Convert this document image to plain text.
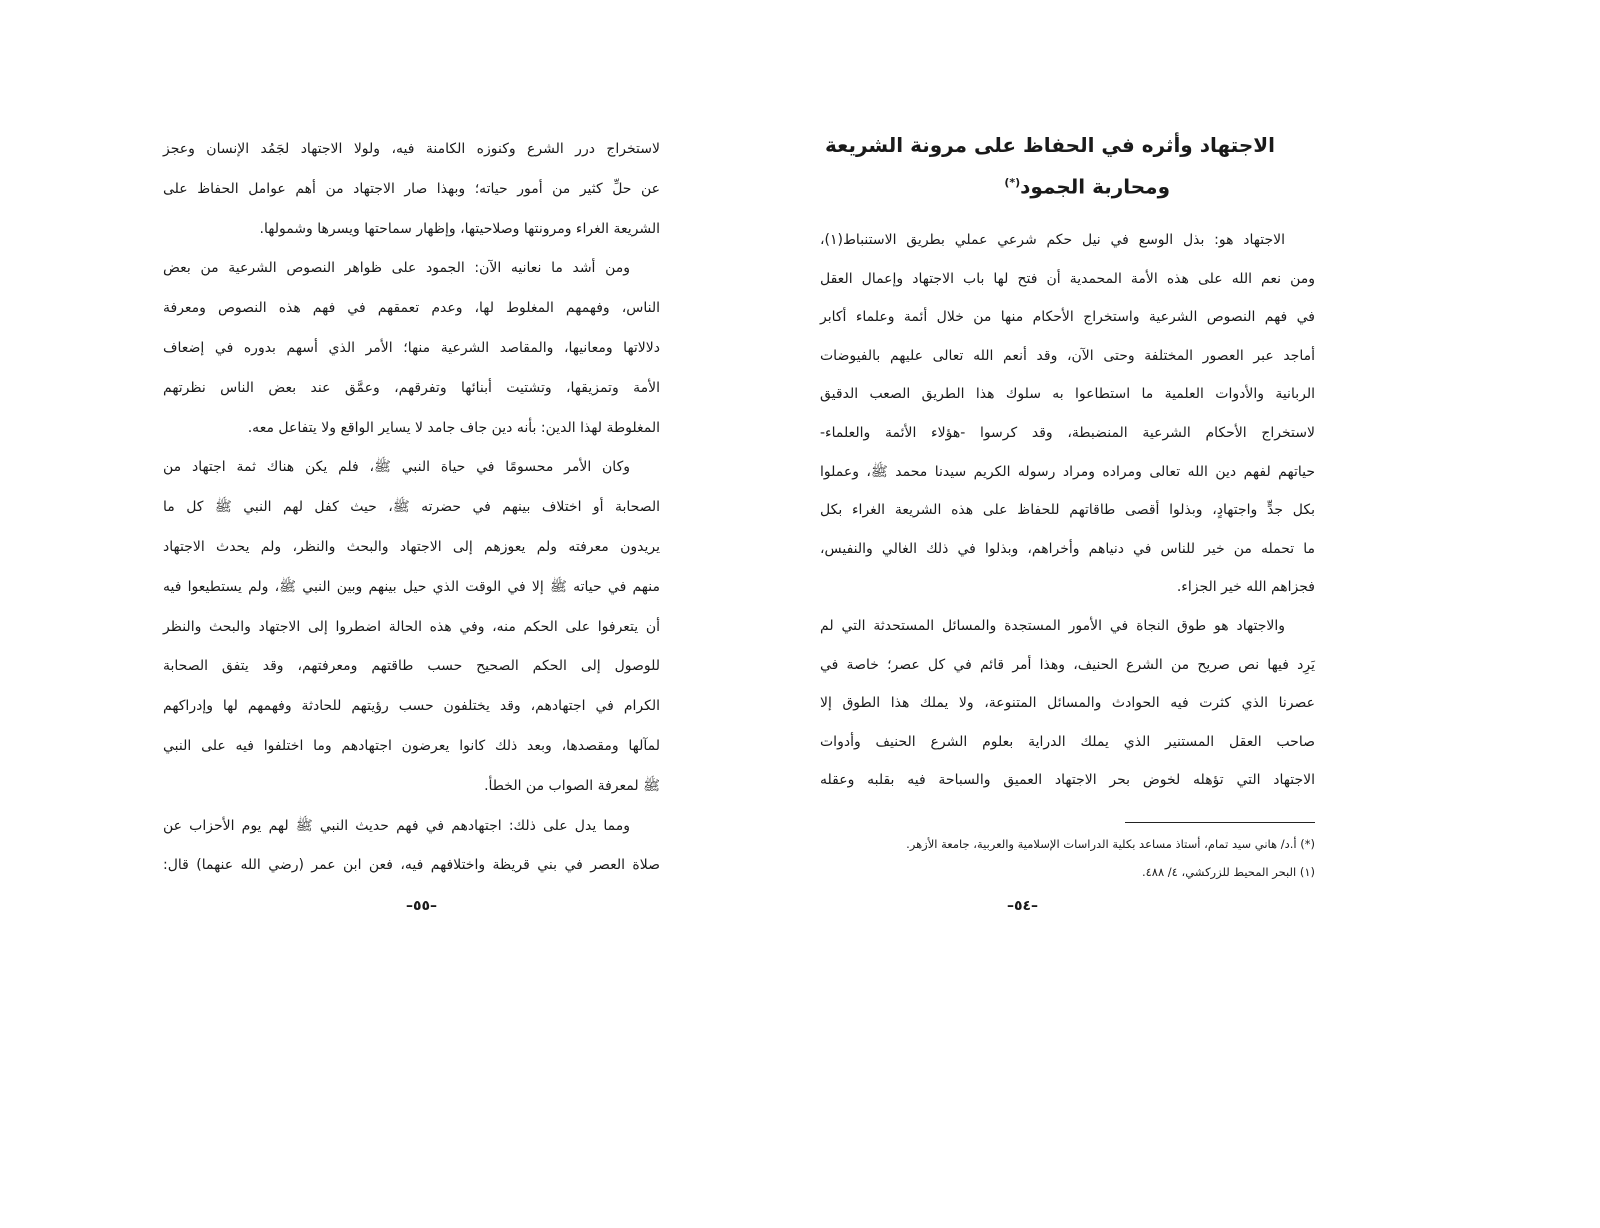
الاجتهاد وأثره في الحفاظ على مرونة الشريعة
ومحاربة الجمود(*)
الاجتهاد هو: بذل الوسع في نيل حكم شرعي عملي بطريق الاستنباط(١)،
ومن نعم الله على هذه الأمة المحمدية أن فتح لها باب الاجتهاد وإعمال العقل
في فهم النصوص الشرعية واستخراج الأحكام منها من خلال أئمة وعلماء أكابر
أماجد عبر العصور المختلفة وحتى الآن، وقد أنعم الله تعالى عليهم بالفيوضات
الربانية والأدوات العلمية ما استطاعوا به سلوك هذا الطريق الصعب الدقيق
لاستخراج الأحكام الشرعية المنضبطة، وقد كرسوا -هؤلاء الأئمة والعلماء-
حياتهم لفهم دين الله تعالى ومراده ومراد رسوله الكريم سيدنا محمد ﷺ، وعملوا
بكل جدٍّ واجتهادٍ، وبذلوا أقصى طاقاتهم للحفاظ على هذه الشريعة الغراء بكل
ما تحمله من خير للناس في دنياهم وأخراهم، وبذلوا في ذلك الغالي والنفيس،
فجزاهم الله خير الجزاء.
والاجتهاد هو طوق النجاة في الأمور المستجدة والمسائل المستحدثة التي لم
يَرِد فيها نص صريح من الشرع الحنيف، وهذا أمر قائم في كل عصر؛ خاصة في
عصرنا الذي كثرت فيه الحوادث والمسائل المتنوعة، ولا يملك هذا الطوق إلا
صاحب العقل المستنير الذي يملك الدراية بعلوم الشرع الحنيف وأدوات
الاجتهاد التي تؤهله لخوض بحر الاجتهاد العميق والسباحة فيه بقلبه وعقله
(*) أ.د/ هاني سيد تمام، أستاذ مساعد بكلية الدراسات الإسلامية والعربية، جامعة الأزهر.
(١) البحر المحيط للزركشي، ٤/ ٤٨٨.
–٥٤–
لاستخراج درر الشرع وكنوزه الكامنة فيه، ولولا الاجتهاد لجَمُد الإنسان وعجز
عن حلِّ كثير من أمور حياته؛ وبهذا صار الاجتهاد من أهم عوامل الحفاظ على
الشريعة الغراء ومرونتها وصلاحيتها، وإظهار سماحتها ويسرها وشمولها.
ومن أشد ما نعانيه الآن: الجمود على ظواهر النصوص الشرعية من بعض
الناس، وفهمهم المغلوط لها، وعدم تعمقهم في فهم هذه النصوص ومعرفة
دلالاتها ومعانيها، والمقاصد الشرعية منها؛ الأمر الذي أسهم بدوره في إضعاف
الأمة وتمزيقها، وتشتيت أبنائها وتفرقهم، وعمَّق عند بعض الناس نظرتهم
المغلوطة لهذا الدين: بأنه دين جاف جامد لا يساير الواقع ولا يتفاعل معه.
وكان الأمر محسومًا في حياة النبي ﷺ، فلم يكن هناك ثمة اجتهاد من
الصحابة أو اختلاف بينهم في حضرته ﷺ، حيث كفل لهم النبي ﷺ كل ما
يريدون معرفته ولم يعوزهم إلى الاجتهاد والبحث والنظر، ولم يحدث الاجتهاد
منهم في حياته ﷺ إلا في الوقت الذي حيل بينهم وبين النبي ﷺ، ولم يستطيعوا فيه
أن يتعرفوا على الحكم منه، وفي هذه الحالة اضطروا إلى الاجتهاد والبحث والنظر
للوصول إلى الحكم الصحيح حسب طاقتهم ومعرفتهم، وقد يتفق الصحابة
الكرام في اجتهادهم، وقد يختلفون حسب رؤيتهم للحادثة وفهمهم لها وإدراكهم
لمآلها ومقصدها، وبعد ذلك كانوا يعرضون اجتهادهم وما اختلفوا فيه على النبي
ﷺ لمعرفة الصواب من الخطأ.
ومما يدل على ذلك: اجتهادهم في فهم حديث النبي ﷺ لهم يوم الأحزاب عن
صلاة العصر في بني قريظة واختلافهم فيه، فعن ابن عمر (رضي الله عنهما) قال:
–٥٥–
